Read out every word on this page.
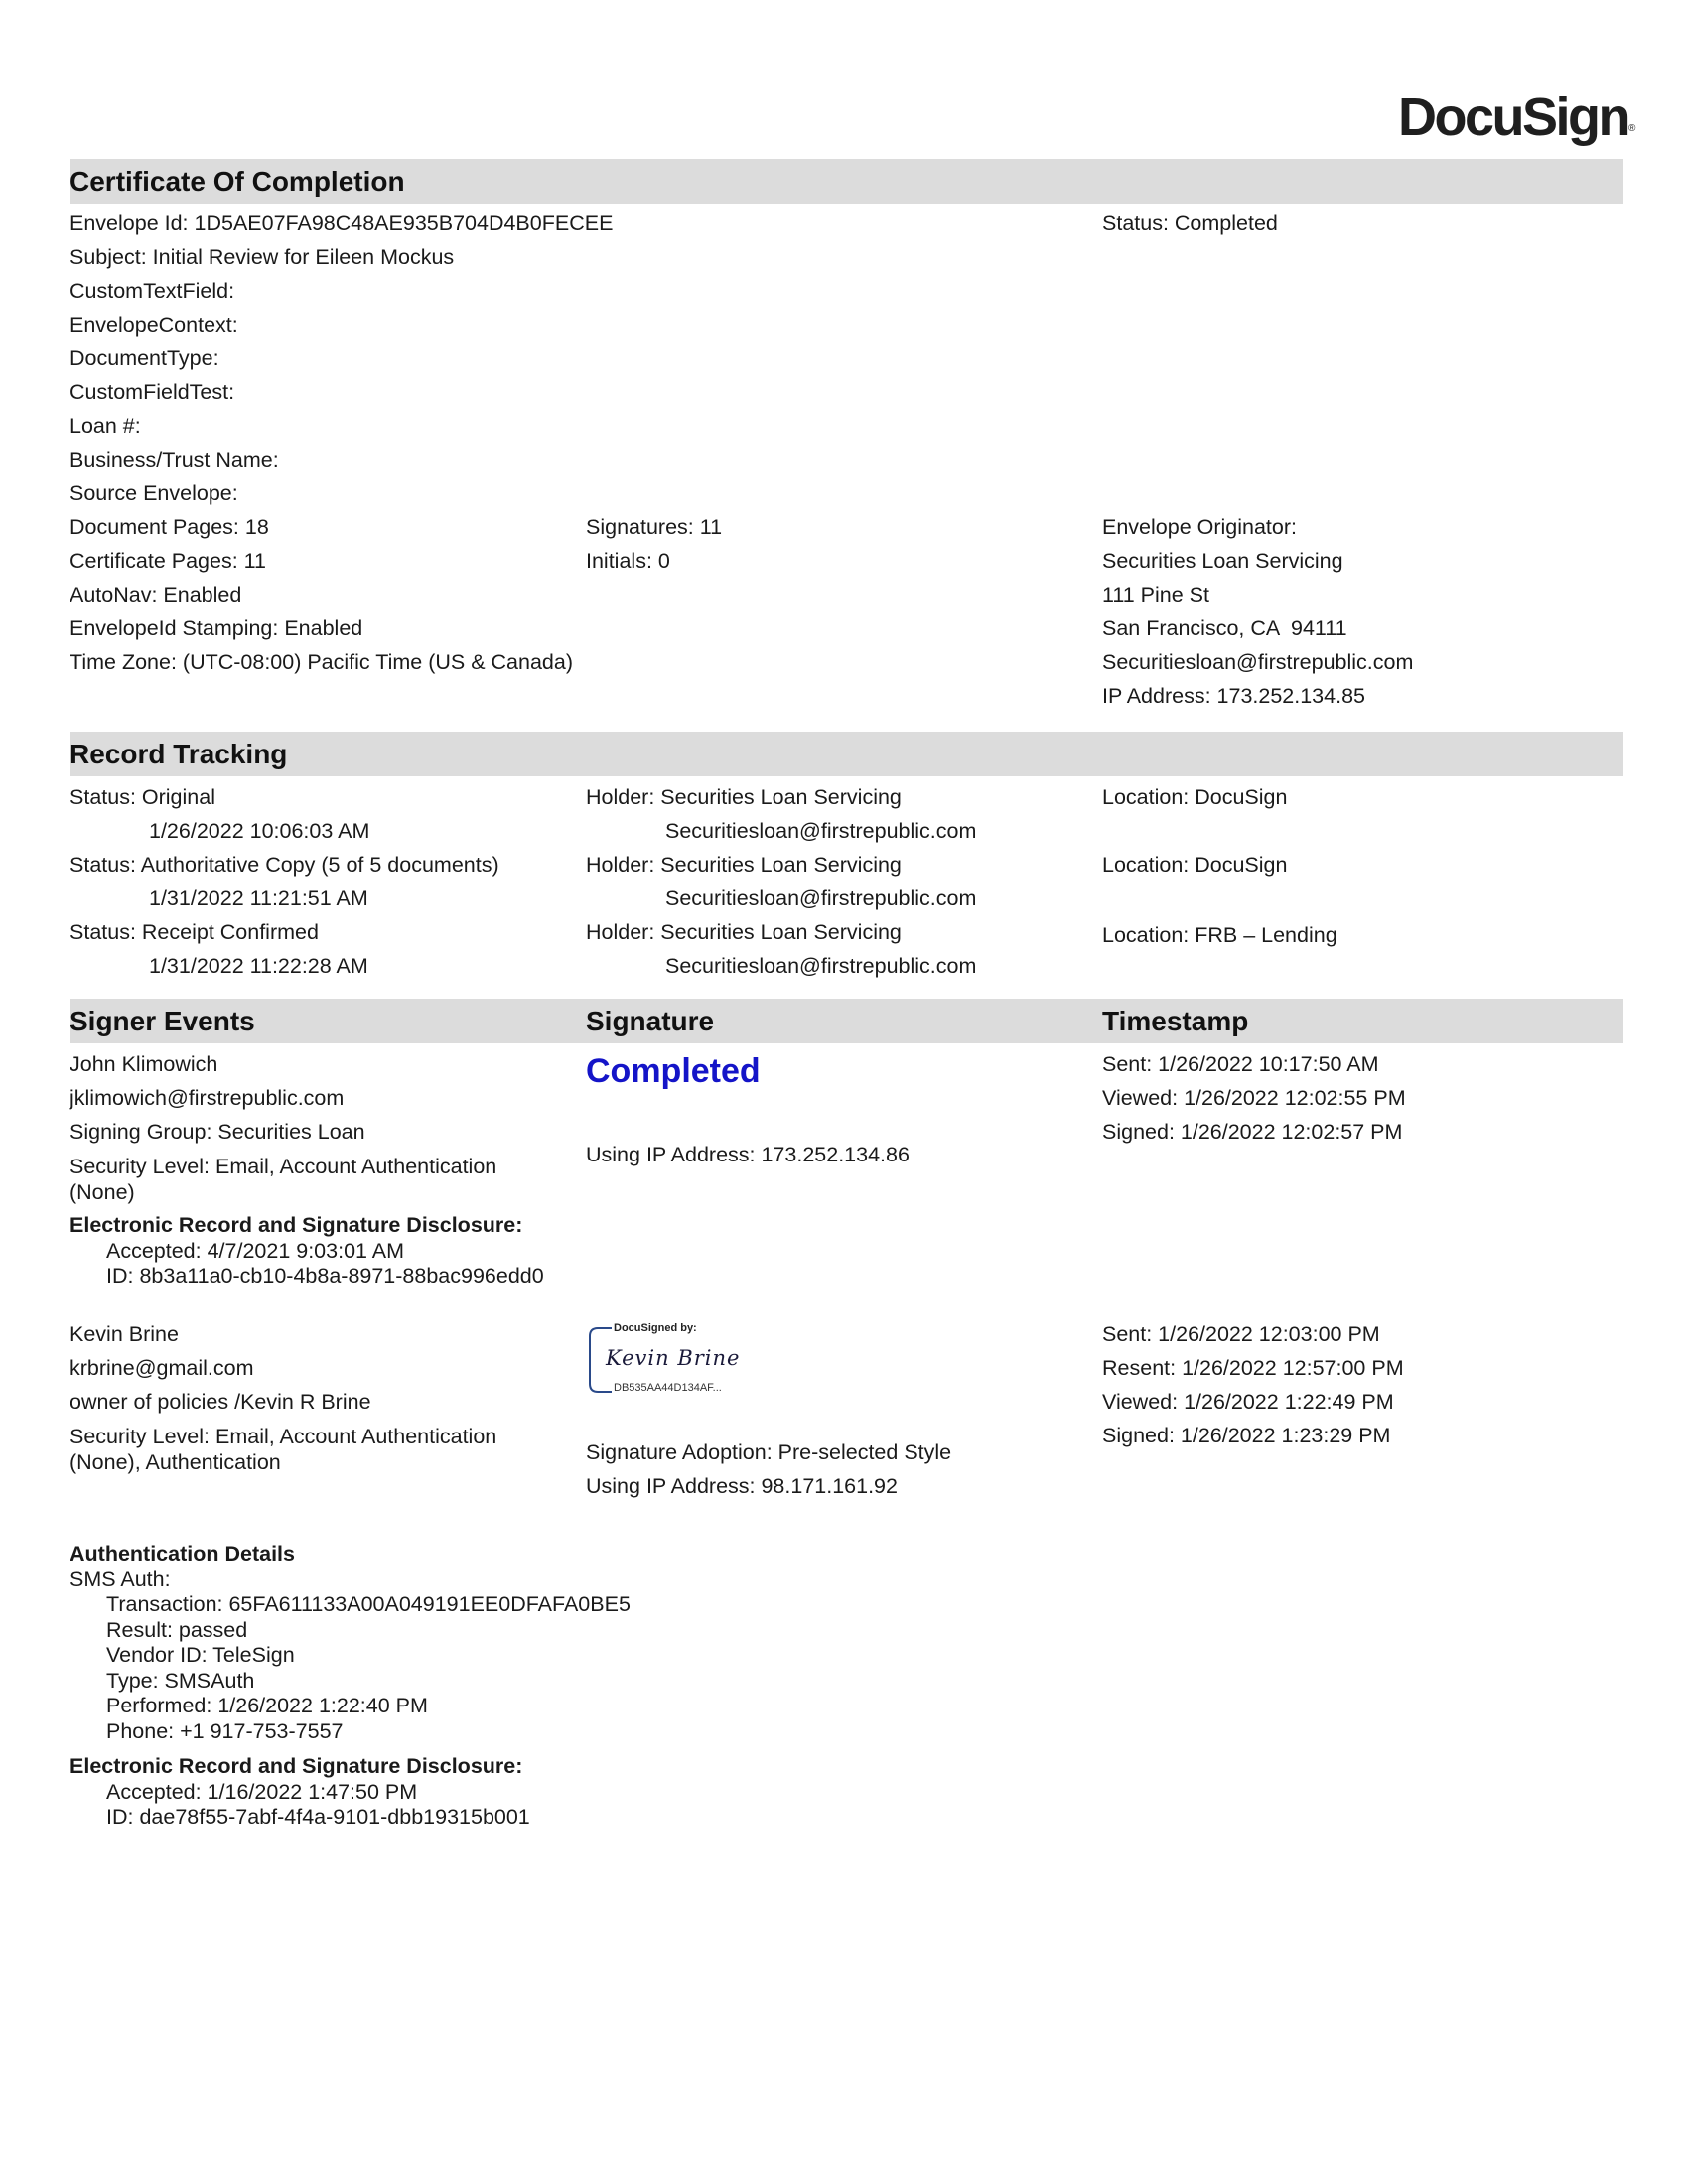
DocuSign®
Certificate Of Completion
Envelope Id: 1D5AE07FA98C48AE935B704D4B0FECEE
Subject: Initial Review for Eileen Mockus
CustomTextField:
EnvelopeContext:
DocumentType:
CustomFieldTest:
Loan #:
Business/Trust Name:
Source Envelope:
Document Pages: 18
Certificate Pages: 11
AutoNav: Enabled
EnvelopeId Stamping: Enabled
Time Zone: (UTC-08:00) Pacific Time (US & Canada)
Signatures: 11
Initials: 0
Status: Completed
Envelope Originator:
Securities Loan Servicing
111 Pine St
San Francisco, CA  94111
Securitiesloan@firstrepublic.com
IP Address: 173.252.134.85
Record Tracking
Status: Original
1/26/2022 10:06:03 AM
Status: Authoritative Copy (5 of 5 documents)
1/31/2022 11:21:51 AM
Status: Receipt Confirmed
1/31/2022 11:22:28 AM
Holder: Securities Loan Servicing
Securitiesloan@firstrepublic.com
Holder: Securities Loan Servicing
Securitiesloan@firstrepublic.com
Holder: Securities Loan Servicing
Securitiesloan@firstrepublic.com
Location: DocuSign
Location: DocuSign
Location: FRB – Lending
Signer Events	Signature	Timestamp
John Klimowich
jklimowich@firstrepublic.com
Signing Group: Securities Loan
Security Level: Email, Account Authentication
(None)
Electronic Record and Signature Disclosure:
Accepted: 4/7/2021 9:03:01 AM
ID: 8b3a11a0-cb10-4b8a-8971-88bac996edd0
Completed
Using IP Address: 173.252.134.86
Sent: 1/26/2022 10:17:50 AM
Viewed: 1/26/2022 12:02:55 PM
Signed: 1/26/2022 12:02:57 PM
Kevin Brine
krbrine@gmail.com
owner of policies /Kevin R Brine
Security Level: Email, Account Authentication
(None), Authentication
DocuSigned by:
Kevin Brine
DB535AA44D134AF...
Signature Adoption: Pre-selected Style
Using IP Address: 98.171.161.92
Sent: 1/26/2022 12:03:00 PM
Resent: 1/26/2022 12:57:00 PM
Viewed: 1/26/2022 1:22:49 PM
Signed: 1/26/2022 1:23:29 PM
Authentication Details
SMS Auth:
Transaction: 65FA611133A00A049191EE0DFAFA0BE5
Result: passed
Vendor ID: TeleSign
Type: SMSAuth
Performed: 1/26/2022 1:22:40 PM
Phone: +1 917-753-7557
Electronic Record and Signature Disclosure:
Accepted: 1/16/2022 1:47:50 PM
ID: dae78f55-7abf-4f4a-9101-dbb19315b001
